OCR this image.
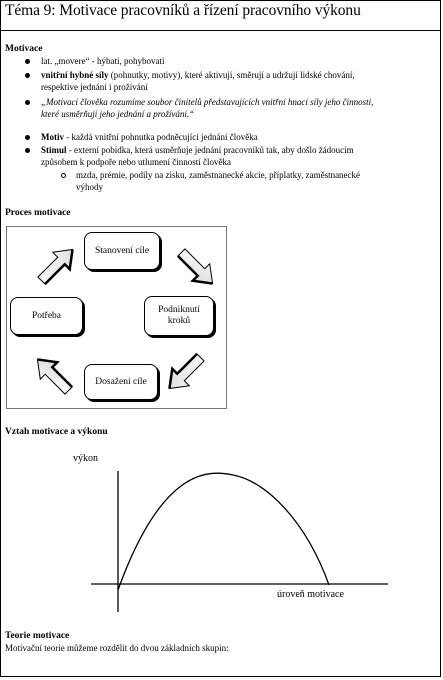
Téma 9: Motivace pracovníků a řízení pracovního výkonu
Motivace
lat. „movere“ - hýbati, pohybovati
vnitřní hybné síly (pohnutky, motivy), které aktivují, směrují a udržují lidské chování,
respektive jednání i prožívání
„Motivací člověka rozumíme soubor činitelů představujících vnitřní hnací síly jeho činnosti,
které usměrňují jeho jednání a prožívání.“
Motiv - každá vnitřní pohnutka podněcující jednání člověka
Stimul - externí pobídka, která usměrňuje jednání pracovníků tak, aby došlo žádoucím
způsobem k podpoře nebo utlumení činností člověka
mzda, prémie, podíly na zisku, zaměstnanecké akcie, příplatky, zaměstnanecké
výhody
Proces motivace
Stanovení cíle
Podniknutí kroků
Dosažení cíle
Potřeba
Vztah motivace a výkonu
výkon
úroveň motivace
Teorie motivace
Motivační teorie můžeme rozdělit do dvou základních skupin:
